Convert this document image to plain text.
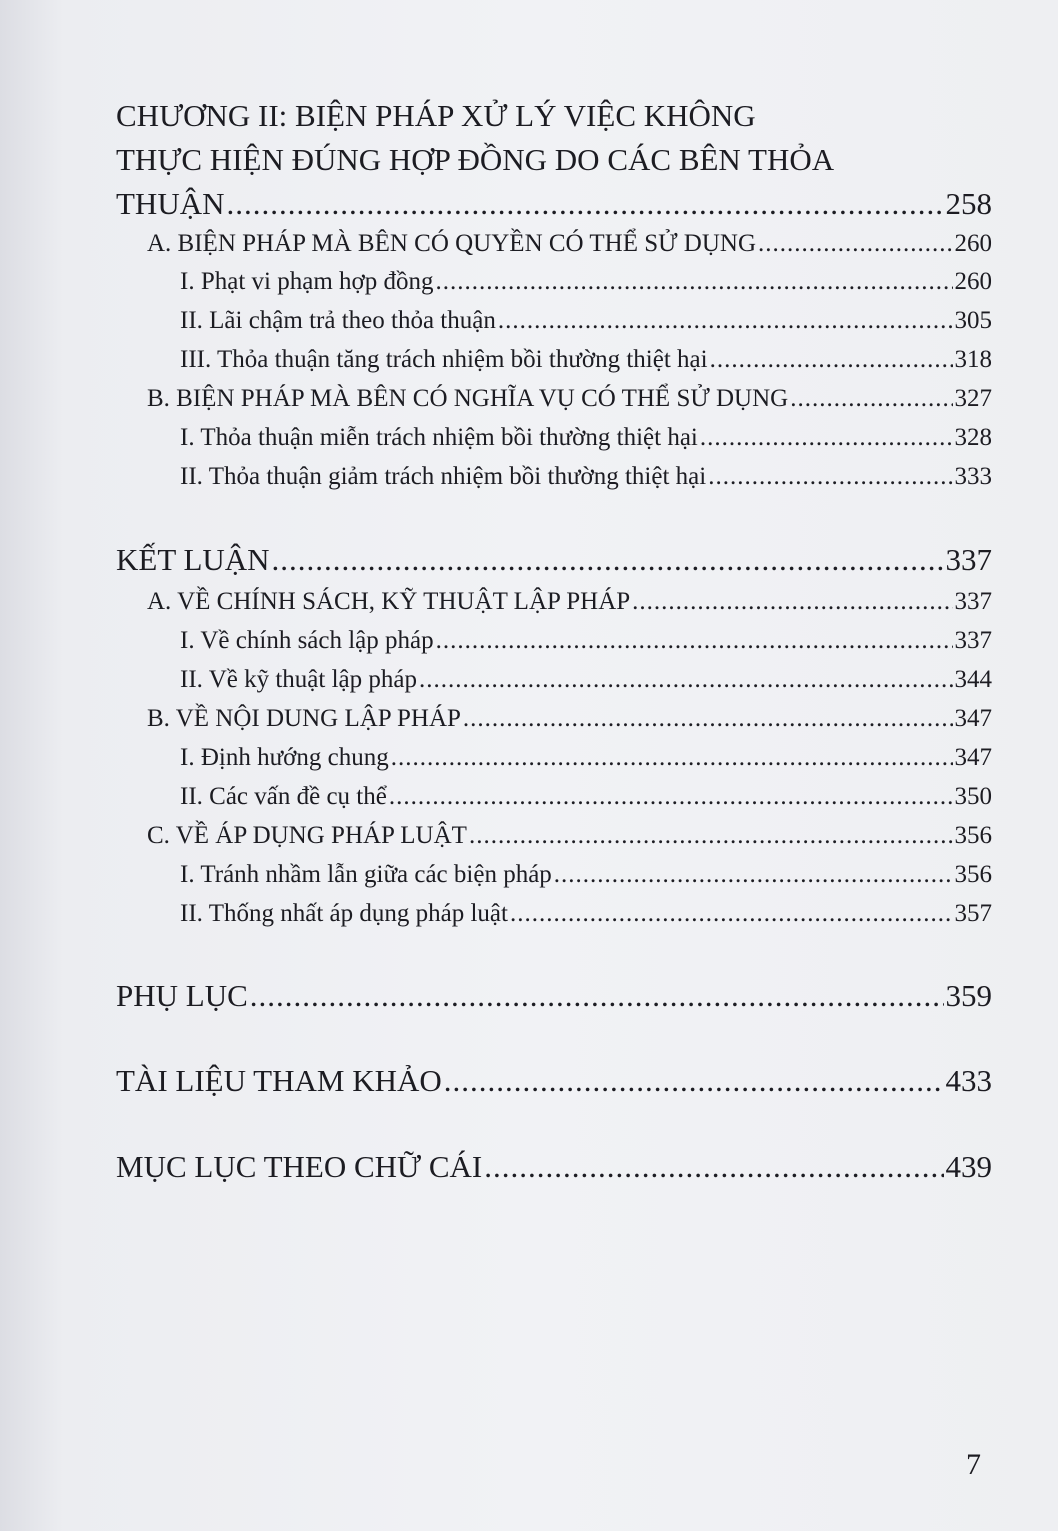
CHƯƠNG II: BIỆN PHÁP XỬ LÝ VIỆC KHÔNG
THỰC HIỆN ĐÚNG HỢP ĐỒNG DO CÁC BÊN THỎA
THUẬN .....	258
A. BIỆN PHÁP MÀ BÊN CÓ QUYỀN CÓ THỂ SỬ DỤNG .....	260
I. Phạt vi phạm hợp đồng .....	260
II. Lãi chậm trả theo thỏa thuận .....	305
III. Thỏa thuận tăng trách nhiệm bồi thường thiệt hại .....	318
B. BIỆN PHÁP MÀ BÊN CÓ NGHĨA VỤ CÓ THỂ SỬ DỤNG .....	327
I. Thỏa thuận miễn trách nhiệm bồi thường thiệt hại .....	328
II. Thỏa thuận giảm trách nhiệm bồi thường thiệt hại .....	333
KẾT LUẬN .....	337
A. VỀ CHÍNH SÁCH, KỸ THUẬT LẬP PHÁP .....	337
I. Về chính sách lập pháp .....	337
II. Về kỹ thuật lập pháp .....	344
B. VỀ NỘI DUNG LẬP PHÁP .....	347
I. Định hướng chung .....	347
II. Các vấn đề cụ thể .....	350
C. VỀ ÁP DỤNG PHÁP LUẬT .....	356
I. Tránh nhầm lẫn giữa các biện pháp .....	356
II. Thống nhất áp dụng pháp luật .....	357
PHỤ LỤC .....	359
TÀI LIỆU THAM KHẢO .....	433
MỤC LỤC THEO CHỮ CÁI .....	439
7
